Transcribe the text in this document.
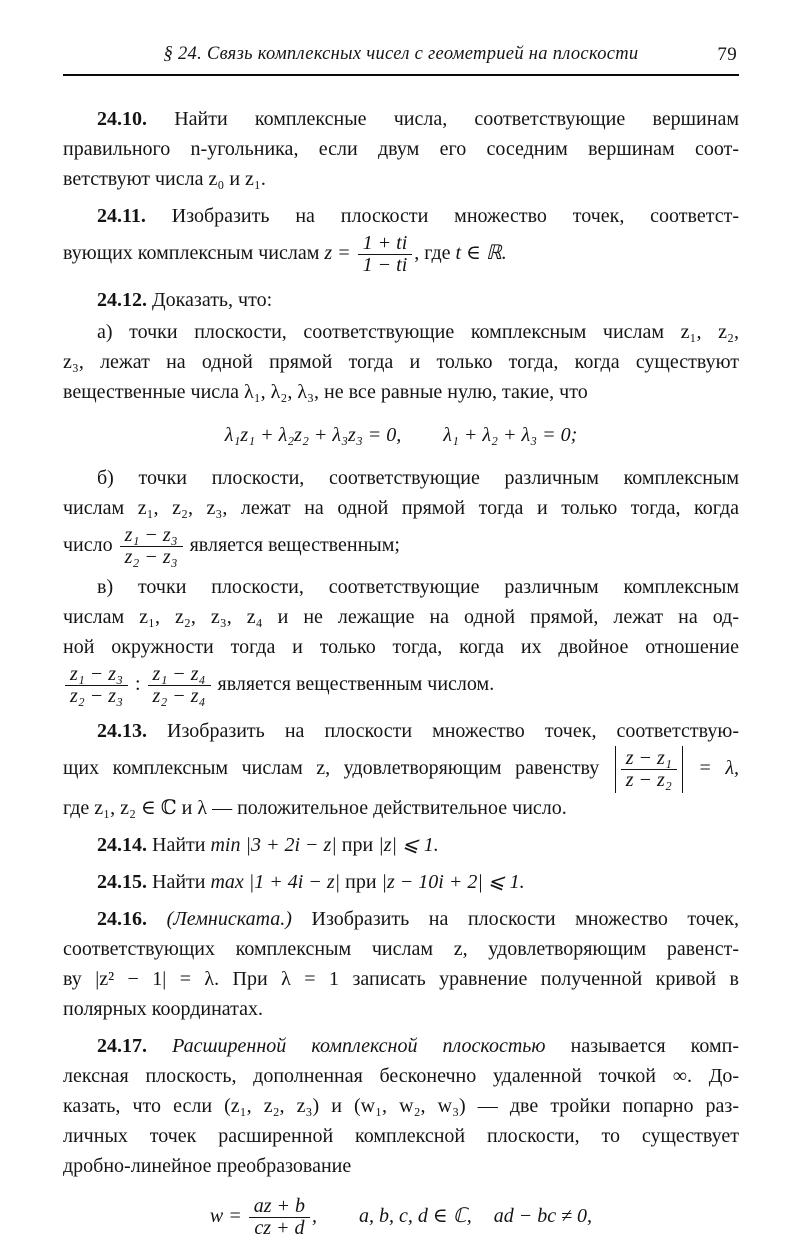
§ 24. Связь комплексных чисел с геометрией на плоскости	79
24.10. Найти комплексные числа, соответствующие вершинам
правильного n-угольника, если двум его соседним вершинам соот-
ветствуют числа z₀ и z₁.
24.11. Изобразить на плоскости множество точек, соответст-
вующих комплексным числам $z = \frac{1 + ti}{1 - ti}$ , где t ∈ ℝ.
24.12. Доказать, что:
а) точки плоскости, соответствующие комплексным числам z₁, z₂,
z₃, лежат на одной прямой тогда и только тогда, когда существуют
вещественные числа λ₁, λ₂, λ₃, не все равные нулю, такие, что
λ₁z₁ + λ₂z₂ + λ₃z₃ = 0, λ₁ + λ₂ + λ₃ = 0;
б) точки плоскости, соответствующие различным комплексным
числам z₁, z₂, z₃, лежат на одной прямой тогда и только тогда, когда
число $\frac{\text{z₁ − z₃}}{\text{z₂ − z₃}}$ является вещественным;
в) точки плоскости, соответствующие различным комплексным
числам z₁, z₂, z₃, z₄ и не лежащие на одной прямой, лежат на од-
ной окружности тогда и только тогда, когда их двойное отношение
$\frac{\text{z₁ − z₃}}{\text{z₂ − z₃}}$ : $\frac{\text{z₁ − z₄}}{\text{z₂ − z₄}}$ является вещественным числом.
24.13. Изобразить на плоскости множество точек, соответствую-
щих комплексным числам z, удовлетворяющим равенству $\frac{\text{z − z₁}}{\text{z − z₂}} = \lambda$,
где z₁, z₂ ∈ ℂ и λ — положительное действительное число.
24.14. Найти min |3 + 2i − z| при |z| ⩽ 1.
24.15. Найти max |1 + 4i − z| при |z − 10i + 2| ⩽ 1.
24.16. (Лемниската.) Изобразить на плоскости множество точек,
соответствующих комплексным числам z, удовлетворяющим равенст-
ву |z² − 1| = λ. При λ = 1 записать уравнение полученной кривой в
полярных координатах.
24.17. Расширенной комплексной плоскостью называется комп-
лексная плоскость, дополненная бесконечно удаленной точкой ∞. До-
казать, что если (z₁, z₂, z₃) и (w₁, w₂, w₃) — две тройки попарно раз-
личных точек расширенной комплексной плоскости, то существует
дробно-линейное преобразование
$w = \frac{az + b}{cz + d}$ , a, b, c, d ∈ ℂ, ad − bc ≠ 0,
